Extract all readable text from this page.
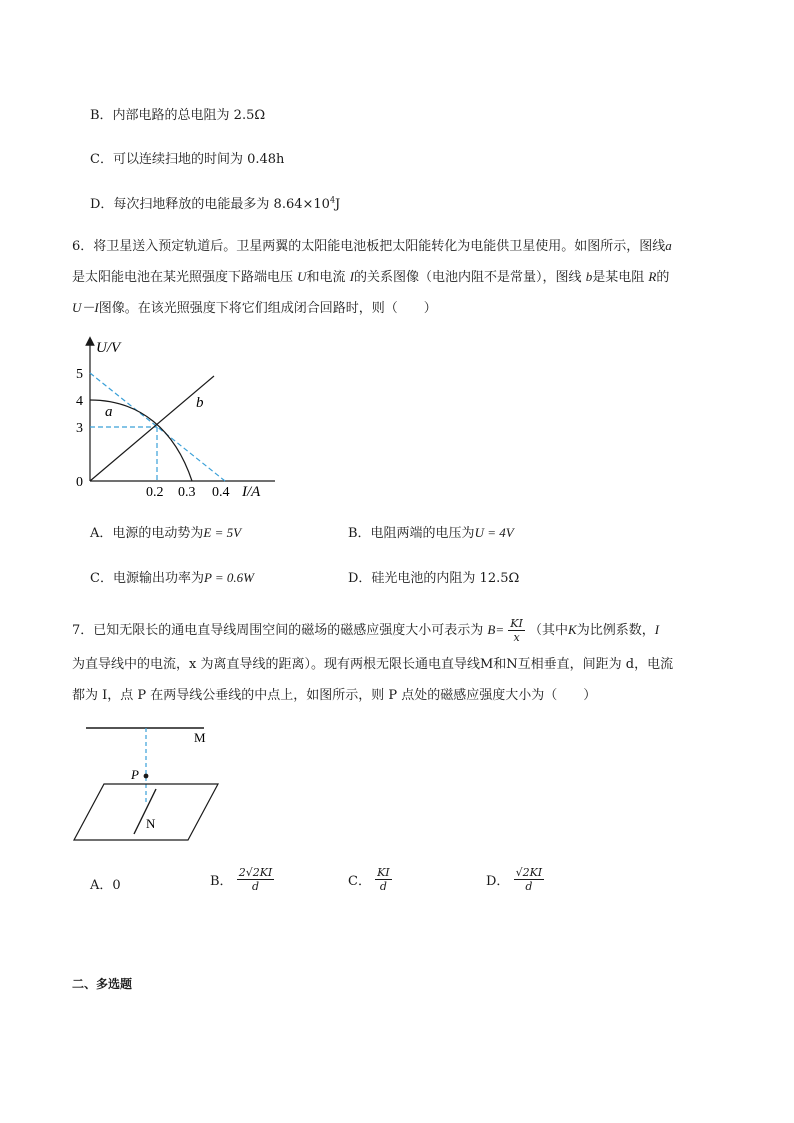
B．内部电路的总电阻为 2.5Ω
C．可以连续扫地的时间为 0.48h
D．每次扫地释放的电能最多为 $8.64\times 10^4J$
6．将卫星送入预定轨道后。卫星两翼的太阳能电池板把太阳能转化为电能供卫星使用。如图所示，图线a
是太阳能电池在某光照强度下路端电压 U和电流 I的关系图像（电池内阻不是常量），图线 b是某电阻 R的
U－I图像。在该光照强度下将它们组成闭合回路时，则（　　）
U/V
I/A
0
5
4
3
0.2 0.3 0.4
a
b
A．电源的电动势为E = 5V	B．电阻两端的电压为U = 4V
C．电源输出功率为P = 0.6W	D．硅光电池的内阻为 12.5Ω
7．已知无限长的通电直导线周围空间的磁场的磁感应强度大小可表示为 $B= \frac{KI}{x}$ （其中K为比例系数，I
为直导线中的电流，x 为离直导线的距离）。现有两根无限长通电直导线M和N互相垂直，间距为 d，电流
都为 I，点 P 在两导线公垂线的中点上，如图所示，则 P 点处的磁感应强度大小为（　　）
M
N
P
A．0	B． $\frac{2√2KI}{d}$	C． $\frac{KI}{d}$	D． $\frac{√2KI}{d}$
二、多选题
